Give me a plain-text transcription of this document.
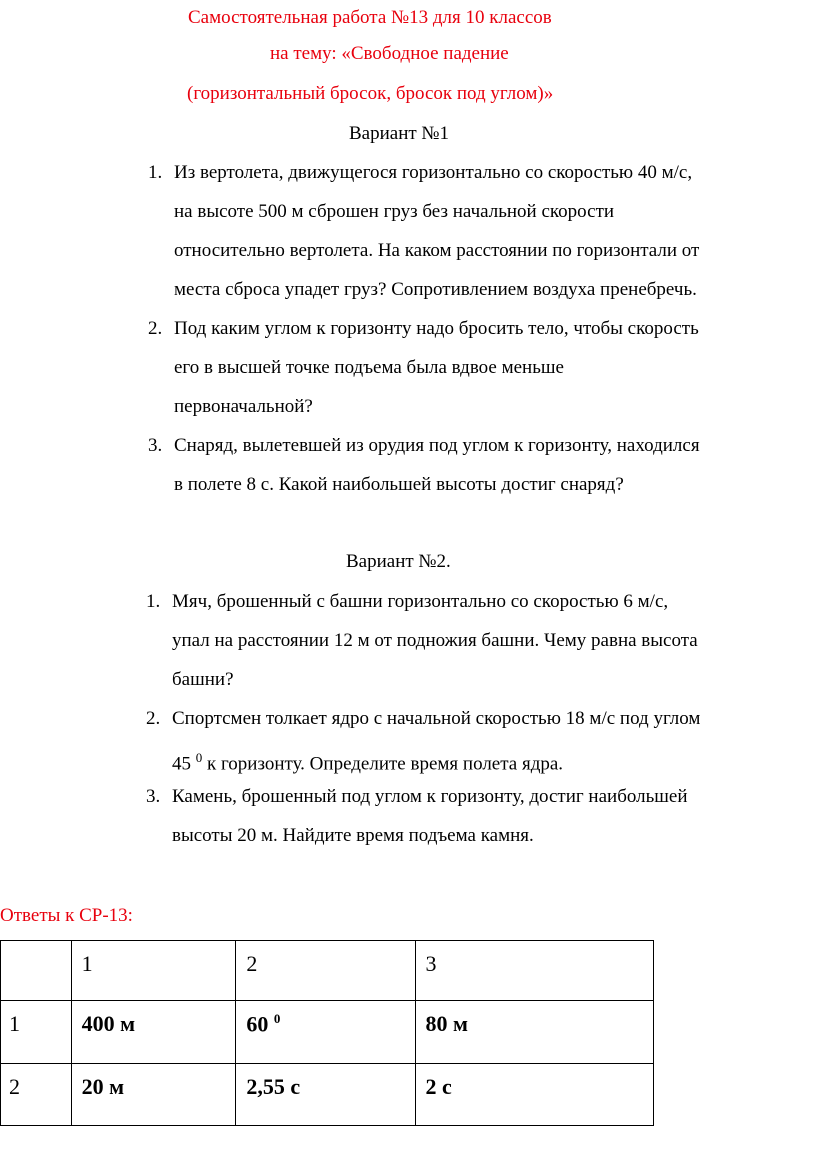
Самостоятельная работа №13 для 10 классов
на тему: «Свободное падение
(горизонтальный бросок, бросок под углом)»
Вариант №1
1. Из вертолета, движущегося горизонтально со скоростью 40 м/с,
на высоте 500 м сброшен груз без начальной скорости
относительно вертолета. На каком расстоянии по горизонтали от
места сброса упадет груз? Сопротивлением воздуха пренебречь.
2. Под каким углом к горизонту надо бросить тело, чтобы скорость
его в высшей точке подъема была вдвое меньше
первоначальной?
3. Снаряд, вылетевшей из орудия под углом к горизонту, находился
в полете 8 с. Какой наибольшей высоты достиг снаряд?
Вариант №2.
1. Мяч, брошенный с башни горизонтально со скоростью 6 м/с,
упал на расстоянии 12 м от подножия башни. Чему равна высота
башни?
2. Спортсмен толкает ядро с начальной скоростью 18 м/с под углом
45 $^0$ к горизонту. Определите время полета ядра.
3. Камень, брошенный под углом к горизонту, достиг наибольшей
высоты 20 м. Найдите время подъема камня.
Ответы к СР-13:
	1	2	3
1	400 м	60 $^0$	80 м
2	20 м	2,55 с	2 с
